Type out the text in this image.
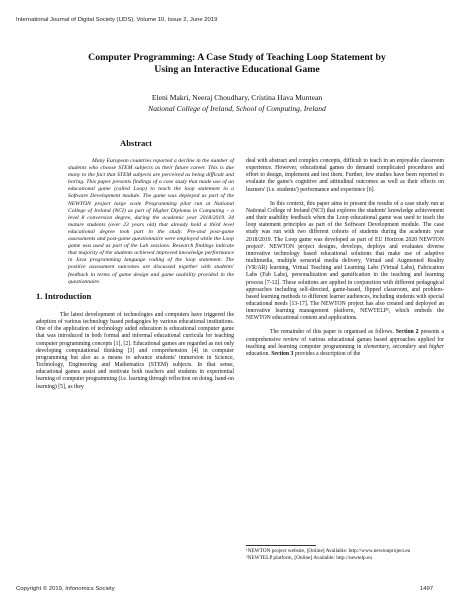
International Journal of Digital Society (IJDS), Volume 10, Issue 2, June 2019
Computer Programming: A Case Study of Teaching Loop Statement by
Using an Interactive Educational Game
Eleni Makri, Neeraj Choudhary, Cristina Hava Muntean
National College of Ireland, School of Computing, Ireland
Abstract

Many European countries reported a decline in the number of students who choose STEM subjects as their future career. This is due many to the fact that STEM subjects are perceived as being difficult and boring. This paper presents findings of a case study that made use of an educational game (called Loop) to teach the loop statement in a Software Development module. The game was deployed as part of the NEWTON project large scale Programming pilot run at National College of Ireland (NCI) as part of Higher Diploma in Computing – a level 8 conversion degree, during the academic year 2018/2019. 34 mature students (over 23 years old) that already hold a third level educational degree took part in the study. Pre-and post-game assessments and post-game questionnaire were employed while the Loop game was used as part of the Lab sessions. Research findings indicate that majority of the students achieved improved knowledge performance in Java programming language coding of the loop statement. The positive assessment outcomes are discussed together with students' feedback in terms of game design and game usability provided in the questionnaire.

1. Introduction

The latest development of technologies and computers have triggered the adoption of various technology based pedagogies by various educational institutions. One of the application of technology aided education is educational computer game that was introduced in both formal and informal educational curricula for teaching computer programming concepts [1], [2]. Educational games are regarded as not only developing computational thinking [3] and comprehension [4] in computer programming but also as a means to advance students' immersion in Science, Technology, Engineering and Mathematics (STEM) subjects. In that sense, educational games assist and motivate both teachers and students in experiential learning of computer programming (i.e. learning through reflection on doing, hand-on learning) [5], as they

deal with abstract and complex concepts, difficult to teach in an enjoyable classroom experience. However, educational games do demand complicated procedures and effort to design, implement and test them. Further, few studies have been reported to evaluate the game's cognitive and attitudinal outcomes as well as their effects on learners' (i.e. students') performance and experience [6].

In this context, this paper aims to present the results of a case study run at National College of Ireland (NCI) that explores the students' knowledge achievement and their usability feedback when the Loop educational game was used to teach the loop statement principles as part of the Software Development module. The case study was run with two different cohorts of students during the academic year 2018/2019. The Loop game was developed as part of EU Horizon 2020 NEWTON project¹. NEWTON project designs, develops, deploys and evaluates diverse innovative technology based educational solutions that make use of adaptive multimedia, multiple sensorial media delivery, Virtual and Augmented Reality (VR/AR) learning, Virtual Teaching and Learning Labs (Virtual Labs), Fabrication Labs (Fab Labs), personalization and gamification in the teaching and learning process [7-12]. These solutions are applied in conjunction with different pedagogical approaches including self-directed, game-based, flipped classroom, and problem-based learning methods to different learner audiences, including students with special educational needs [13-17]. The NEWTON project has also created and deployed an innovative learning management platform, NEWTELP², which embeds the NEWTON educational content and applications.

The remainder of this paper is organised as follows. Section 2 presents a comprehensive review of various educational games based approaches applied for teaching and learning computer programming in elementary, secondary and higher education. Section 3 provides a description of the

¹NEWTON project website, [Online] Available: http://www.newtonproject.eu
²NEWTELP platform, [Online] Available: http://newtelp.eu
Copyright © 2019, Infonomics Society	1497
